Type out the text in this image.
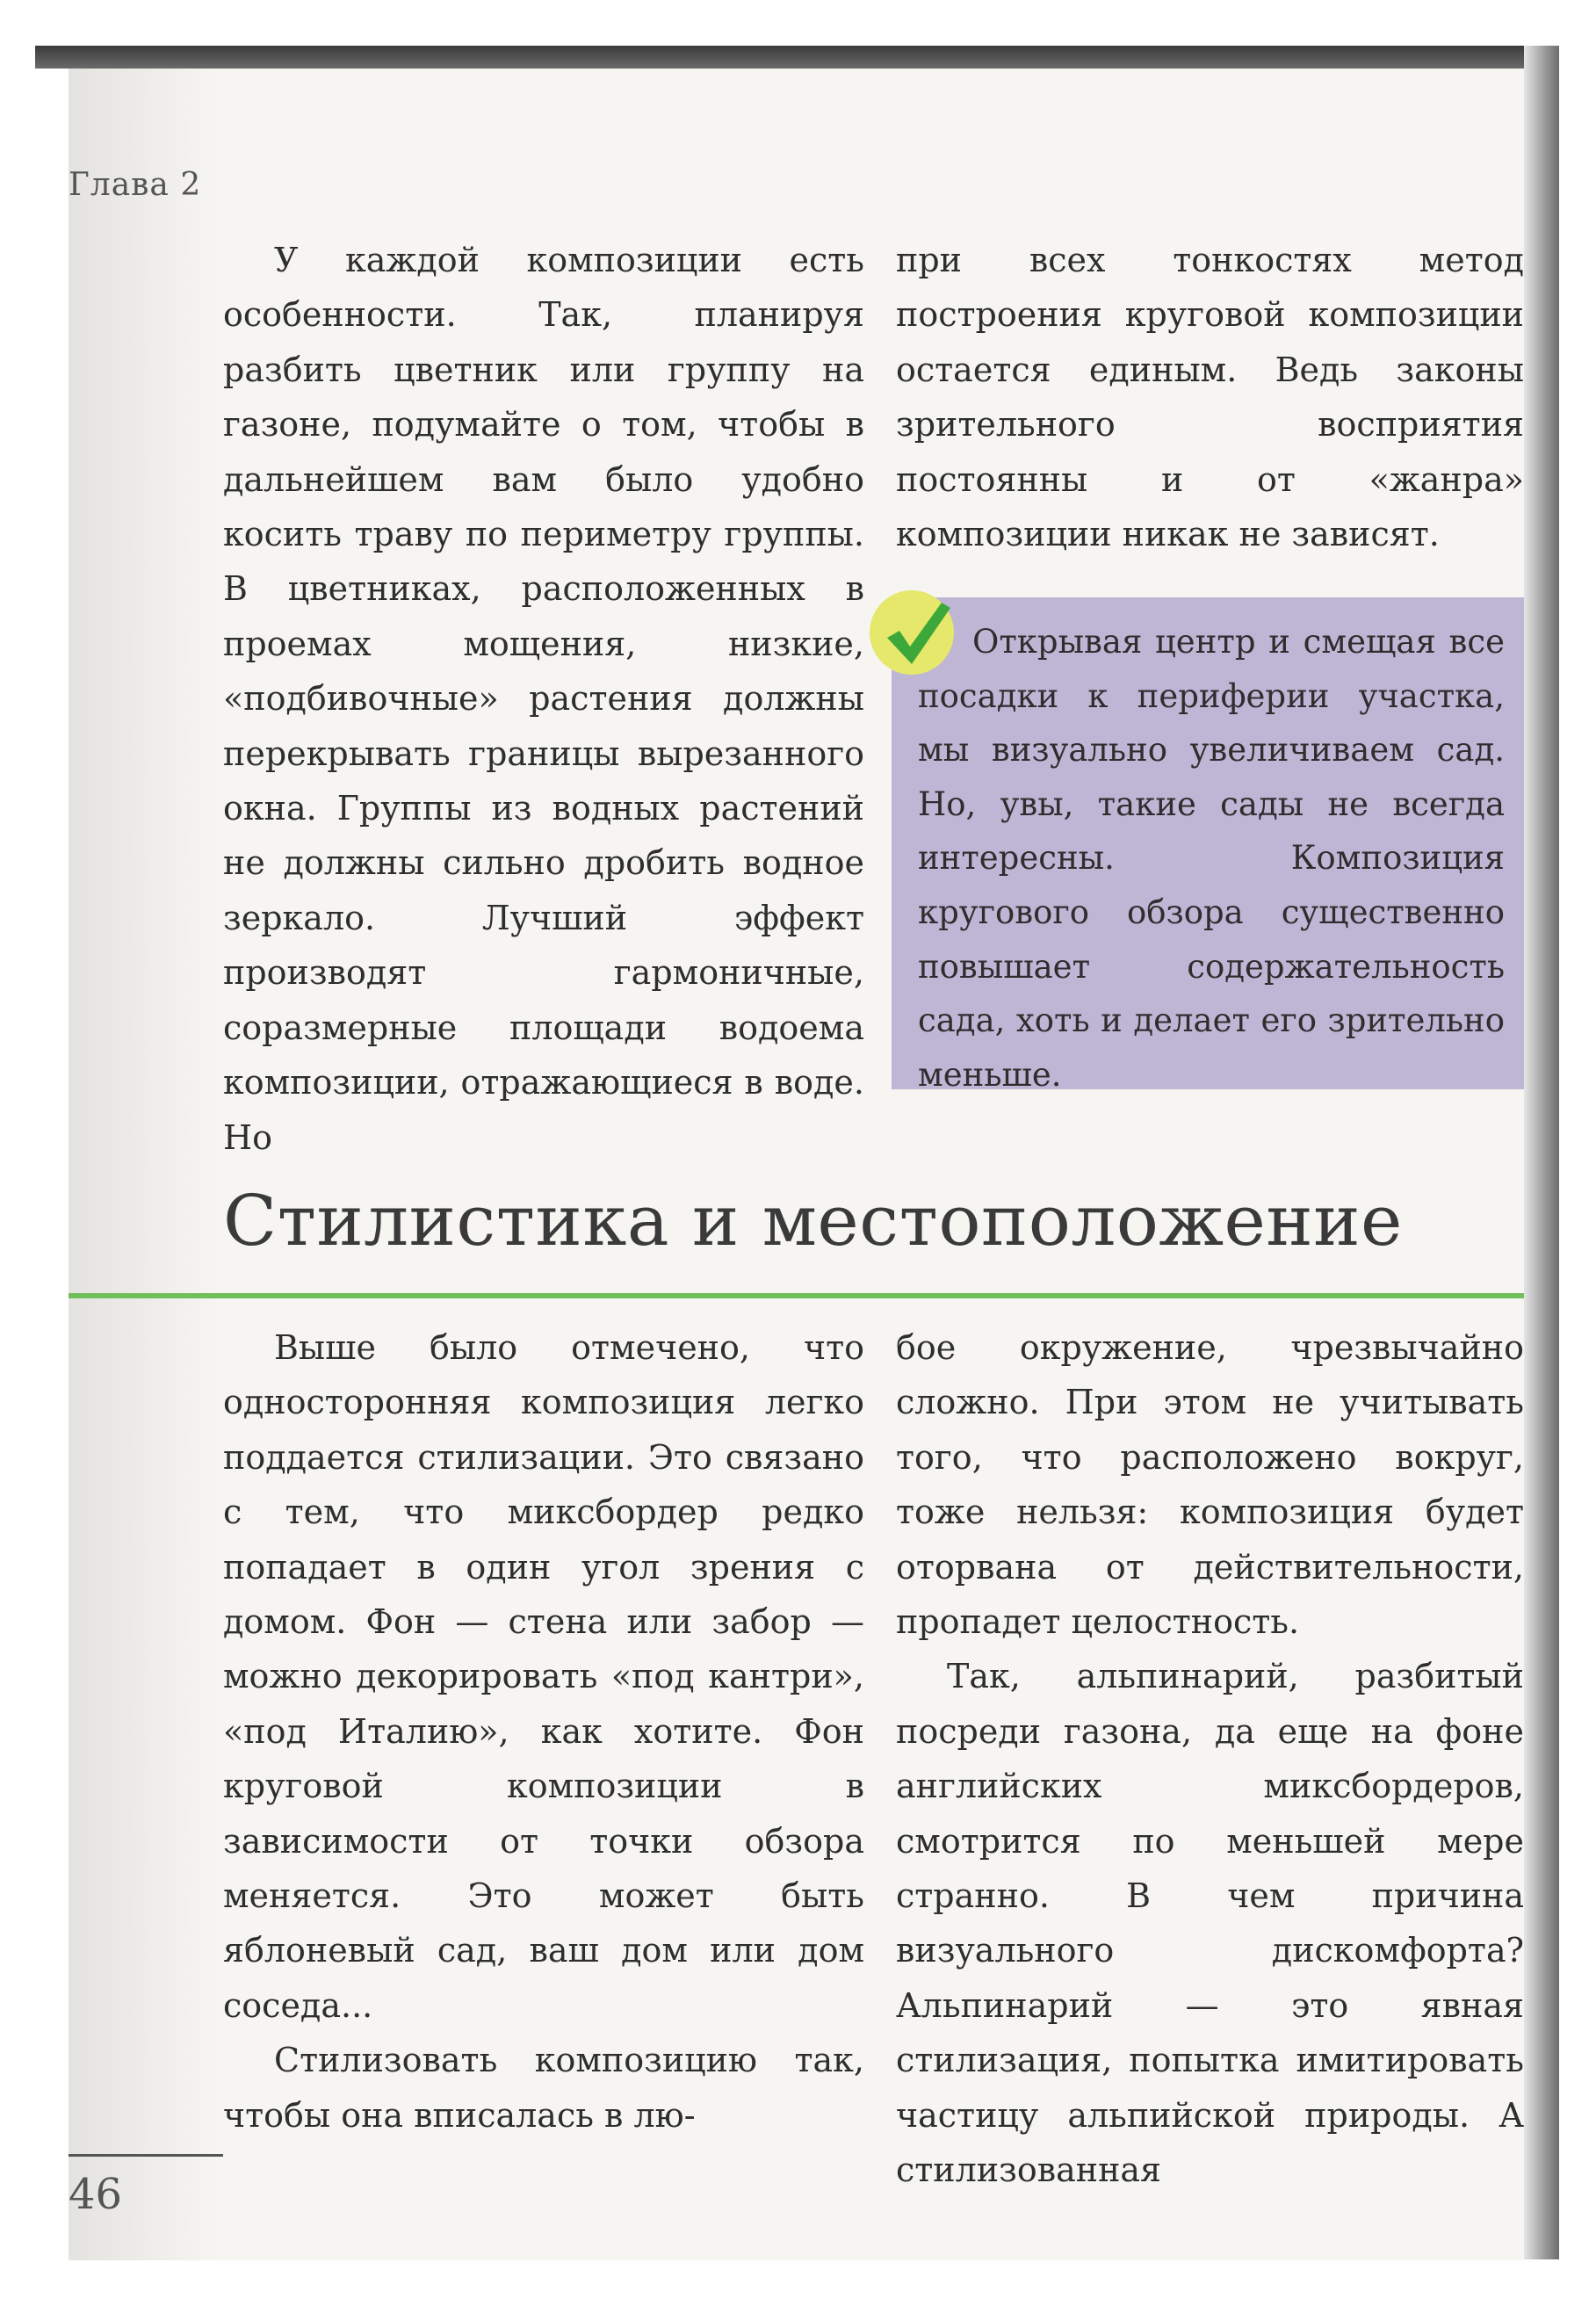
Глава 2

У каждой композиции есть особенности. Так, планируя разбить цветник или группу на газоне, подумайте о том, чтобы в дальнейшем вам было удобно косить траву по периметру группы. В цветниках, расположенных в проемах мощения, низкие, «подбивочные» растения должны перекрывать границы вырезанного окна. Группы из водных растений не должны сильно дробить водное зеркало. Лучший эффект производят гармоничные, соразмерные площади водоема композиции, отражающиеся в воде. Но

при всех тонкостях метод построения круговой композиции остается единым. Ведь законы зрительного восприятия постоянны и от «жанра» композиции никак не зависят.

Открывая центр и смещая все посадки к периферии участка, мы визуально увеличиваем сад. Но, увы, такие сады не всегда интересны. Композиция кругового обзора существенно повышает содержательность сада, хоть и делает его зрительно меньше.

Стилистика и местоположение

Выше было отмечено, что односторонняя композиция легко поддается стилизации. Это связано с тем, что миксбордер редко попадает в один угол зрения с домом. Фон — стена или забор — можно декорировать «под кантри», «под Италию», как хотите. Фон круговой композиции в зависимости от точки обзора меняется. Это может быть яблоневый сад, ваш дом или дом соседа...

Стилизовать композицию так, чтобы она вписалась в лю-

бое окружение, чрезвычайно сложно. При этом не учитывать того, что расположено вокруг, тоже нельзя: композиция будет оторвана от действительности, пропадет целостность.

Так, альпинарий, разбитый посреди газона, да еще на фоне английских миксбордеров, смотрится по меньшей мере странно. В чем причина визуального дискомфорта? Альпинарий — это явная стилизация, попытка имитировать частицу альпийской природы. А стилизованная

46
